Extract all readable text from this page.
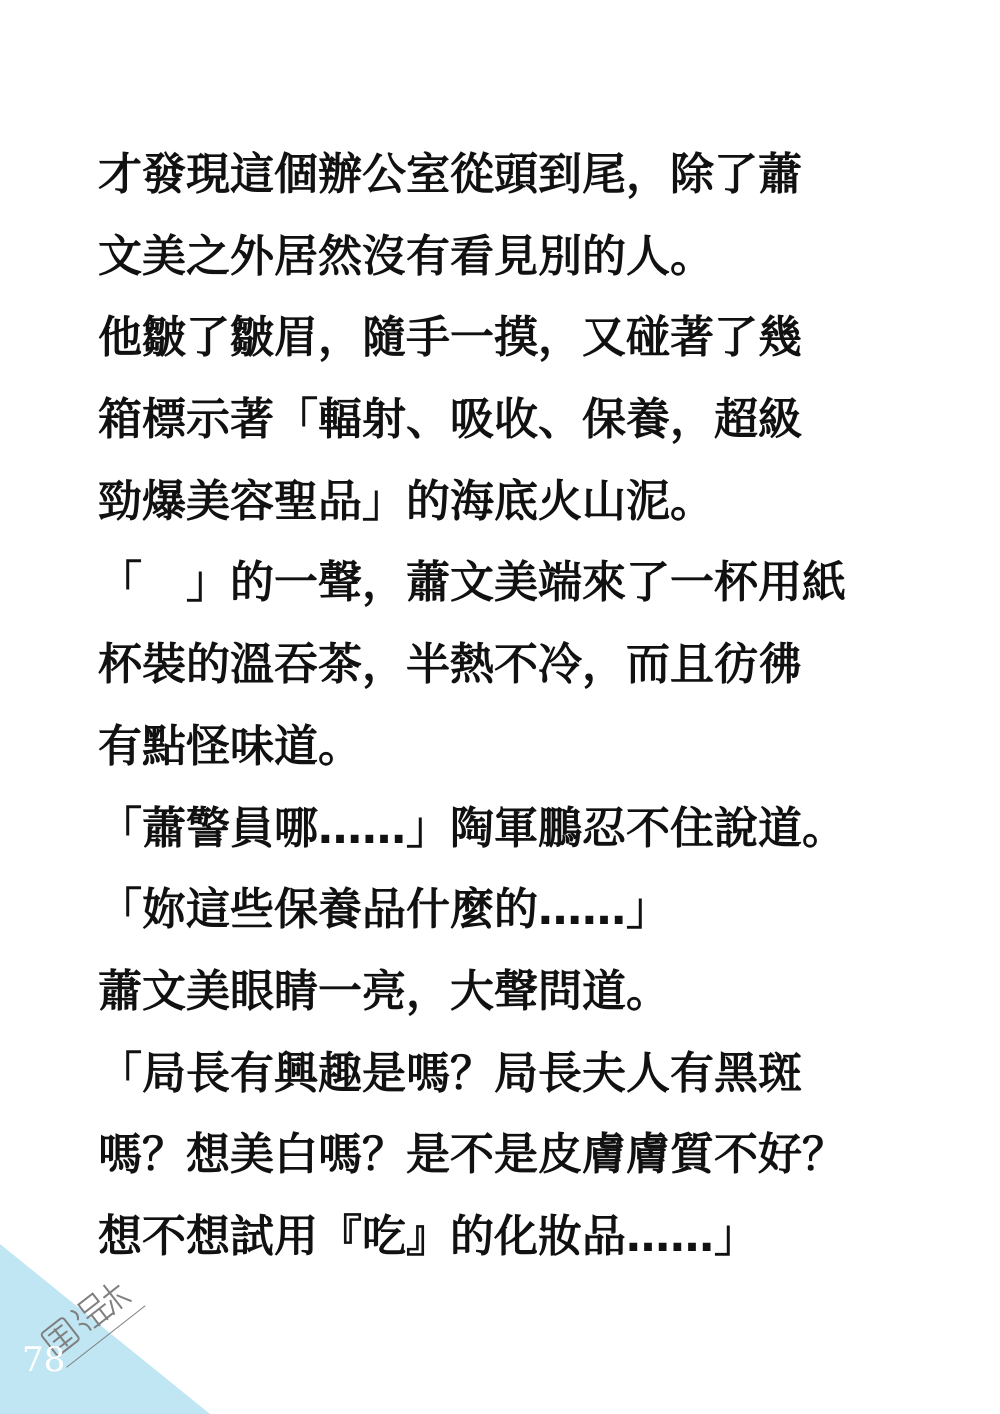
才發現這個辦公室從頭到尾，除了蕭
文美之外居然沒有看見別的人。
他皺了皺眉，隨手一摸，又碰著了幾
箱標示著「輻射、吸收、保養，超級
勁爆美容聖品」的海底火山泥。
「　」的一聲，蕭文美端來了一杯用紙
杯裝的溫吞茶，半熱不冷，而且彷彿
有點怪味道。
「蕭警員哪……」陶軍鵬忍不住說道。
「妳這些保養品什麼的……」
蕭文美眼睛一亮，大聲問道。
「局長有興趣是嗎？局長夫人有黑斑
嗎？想美白嗎？是不是皮膚膚質不好？
想不想試用『吃』的化妝品……」
78
